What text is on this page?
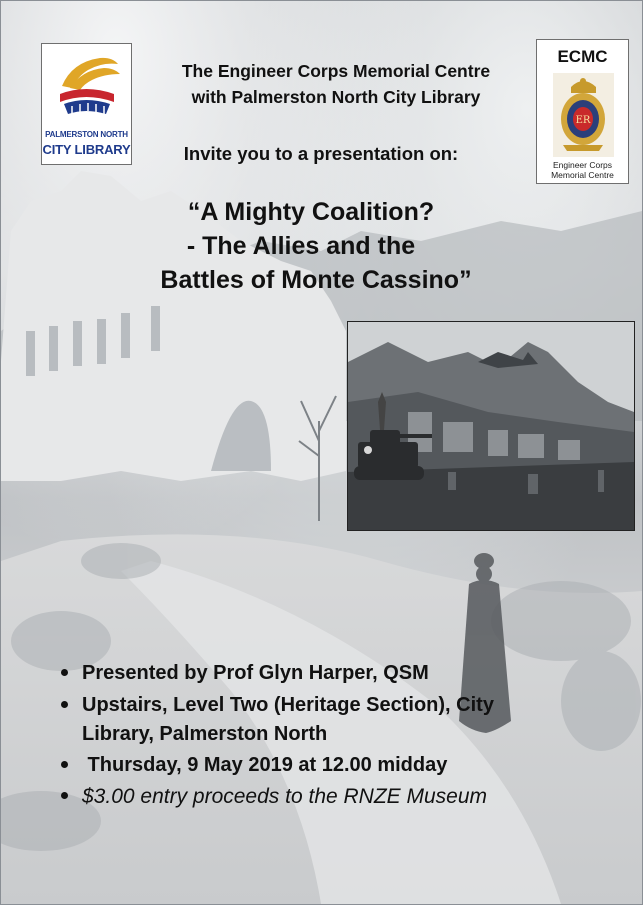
PALMERSTON NORTH
CITY LIBRARY
ECMC
ER
Engineer Corps
Memorial Centre
The Engineer Corps Memorial Centre
with Palmerston North City Library
Invite you to a presentation on:
“A Mighty Coalition?
- The Allies and the
Battles of Monte Cassino”
Presented by Prof Glyn Harper, QSM
Upstairs, Level Two (Heritage Section), City
Library, Palmerston North
Thursday, 9 May 2019 at 12.00 midday
$3.00 entry proceeds to the RNZE Museum
